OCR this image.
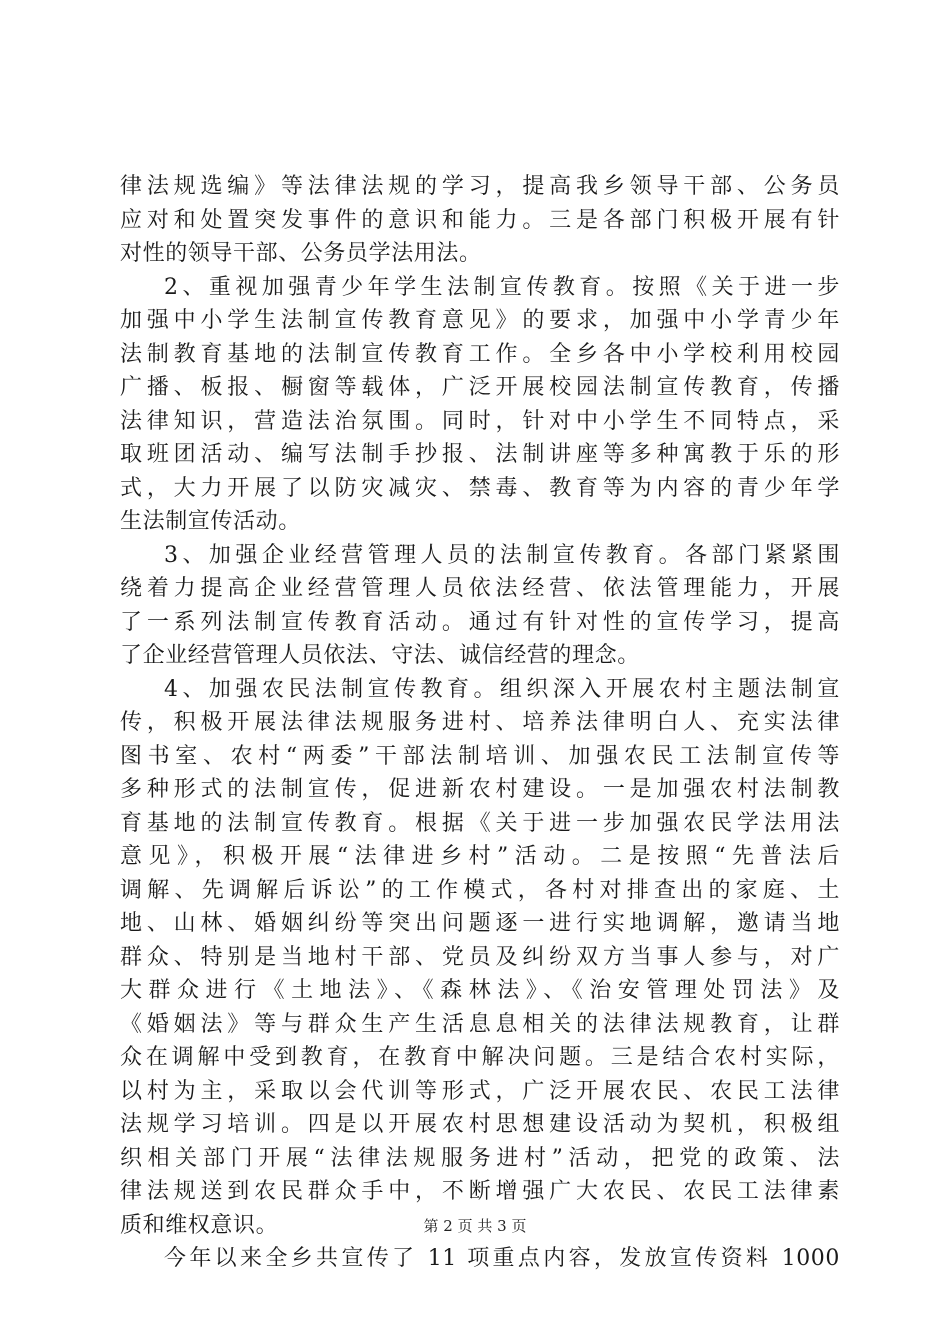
律法规选编》等法律法规的学习，提高我乡领导干部、公务员
应对和处置突发事件的意识和能力。三是各部门积极开展有针
对性的领导干部、公务员学法用法。
2、重视加强青少年学生法制宣传教育。按照《关于进一步
加强中小学生法制宣传教育意见》的要求，加强中小学青少年
法制教育基地的法制宣传教育工作。全乡各中小学校利用校园
广播、板报、橱窗等载体，广泛开展校园法制宣传教育，传播
法律知识，营造法治氛围。同时，针对中小学生不同特点，采
取班团活动、编写法制手抄报、法制讲座等多种寓教于乐的形
式，大力开展了以防灾减灾、禁毒、教育等为内容的青少年学
生法制宣传活动。
3、加强企业经营管理人员的法制宣传教育。各部门紧紧围
绕着力提高企业经营管理人员依法经营、依法管理能力，开展
了一系列法制宣传教育活动。通过有针对性的宣传学习，提高
了企业经营管理人员依法、守法、诚信经营的理念。
4、加强农民法制宣传教育。组织深入开展农村主题法制宣
传，积极开展法律法规服务进村、培养法律明白人、充实法律
图书室、农村“两委”干部法制培训、加强农民工法制宣传等
多种形式的法制宣传，促进新农村建设。一是加强农村法制教
育基地的法制宣传教育。根据《关于进一步加强农民学法用法
意见》，积极开展“法律进乡村”活动。二是按照“先普法后
调解、先调解后诉讼”的工作模式，各村对排查出的家庭、土
地、山林、婚姻纠纷等突出问题逐一进行实地调解，邀请当地
群众、特别是当地村干部、党员及纠纷双方当事人参与，对广
大群众进行《土地法》、《森林法》、《治安管理处罚法》及
《婚姻法》等与群众生产生活息息相关的法律法规教育，让群
众在调解中受到教育，在教育中解决问题。三是结合农村实际，
以村为主，采取以会代训等形式，广泛开展农民、农民工法律
法规学习培训。四是以开展农村思想建设活动为契机，积极组
织相关部门开展“法律法规服务进村”活动，把党的政策、法
律法规送到农民群众手中，不断增强广大农民、农民工法律素
质和维权意识。
今年以来全乡共宣传了 11 项重点内容，发放宣传资料 1000
第 2 页 共 3 页
